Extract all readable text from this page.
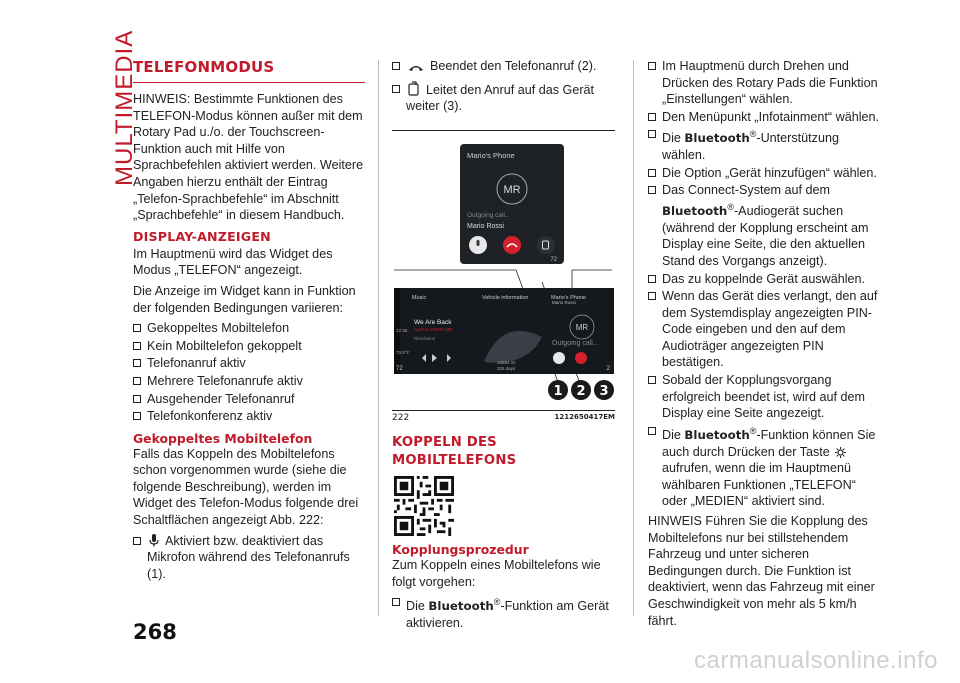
MULTIMEDIA
TELEFONMODUS

HINWEIS: Bestimmte Funktionen des TELEFON-Modus können außer mit dem Rotary Pad u./o. der Touchscreen-Funktion auch mit Hilfe von Sprachbefehlen aktiviert werden. Weitere Angaben hierzu enthält der Eintrag „Telefon-Sprachbefehle“ im Abschnitt „Sprachbefehle“ in diesem Handbuch.

DISPLAY-ANZEIGEN

Im Hauptmenü wird das Widget des Modus „TELEFON“ angezeigt.

Die Anzeige im Widget kann in Funktion der folgenden Bedingungen variieren:

Gekoppeltes Mobiltelefon
Kein Mobiltelefon gekoppelt
Telefonanruf aktiv
Mehrere Telefonanrufe aktiv
Ausgehender Telefonanruf
Telefonkonferenz aktiv
Gekoppeltes Mobiltelefon

Falls das Koppeln des Mobiltelefons schon vorgenommen wurde (siehe die folgende Beschreibung), werden im Widget des Telefon-Modus folgende drei Schaltflächen angezeigt Abb. 222:

Aktiviert bzw. deaktiviert das Mikrofon während des Telefonanrufs (1).
Beendet den Telefonanruf (2).
Leitet den Anruf auf das Gerät weiter (3).
Mario's Phone
MR
Outgoing call..
Mario Rossi
72
Music	Vehicle information	Mario's Phone
We Are Back
ALPHA CENTAURI
Revolution
12:36
73.5°F
72
15682 mi
326 days
MR
Outgoing call...
Mario Rossi
2
1 2 3
222	1212650417EM
KOPPELN DES MOBILTELEFONS
Kopplungsprozedur

Zum Koppeln eines Mobiltelefons wie folgt vorgehen:

Die Bluetooth®-Funktion am Gerät aktivieren.
Im Hauptmenü durch Drehen und Drücken des Rotary Pads die Funktion „Einstellungen“ wählen.
Den Menüpunkt „Infotainment“ wählen.
Die Bluetooth®-Unterstützung wählen.
Die Option „Gerät hinzufügen“ wählen.
Das Connect-System auf dem Bluetooth®-Audiogerät suchen (während der Kopplung erscheint am Display eine Seite, die den aktuellen Stand des Vorgangs anzeigt).
Das zu koppelnde Gerät auswählen.
Wenn das Gerät dies verlangt, den auf dem Systemdisplay angezeigten PIN-Code eingeben und den auf dem Audioträger angezeigten PIN bestätigen.
Sobald der Kopplungsvorgang erfolgreich beendet ist, wird auf dem Display eine Seite angezeigt.
Die Bluetooth®-Funktion können Sie auch durch Drücken der Taste  aufrufen, wenn die im Hauptmenü wählbaren Funktionen „TELEFON“ oder „MEDIEN“ aktiviert sind.

HINWEIS Führen Sie die Kopplung des Mobiltelefons nur bei stillstehendem Fahrzeug und unter sicheren Bedingungen durch. Die Funktion ist deaktiviert, wenn das Fahrzeug mit einer Geschwindigkeit von mehr als 5 km/h fährt.

268
carmanualsonline.info
